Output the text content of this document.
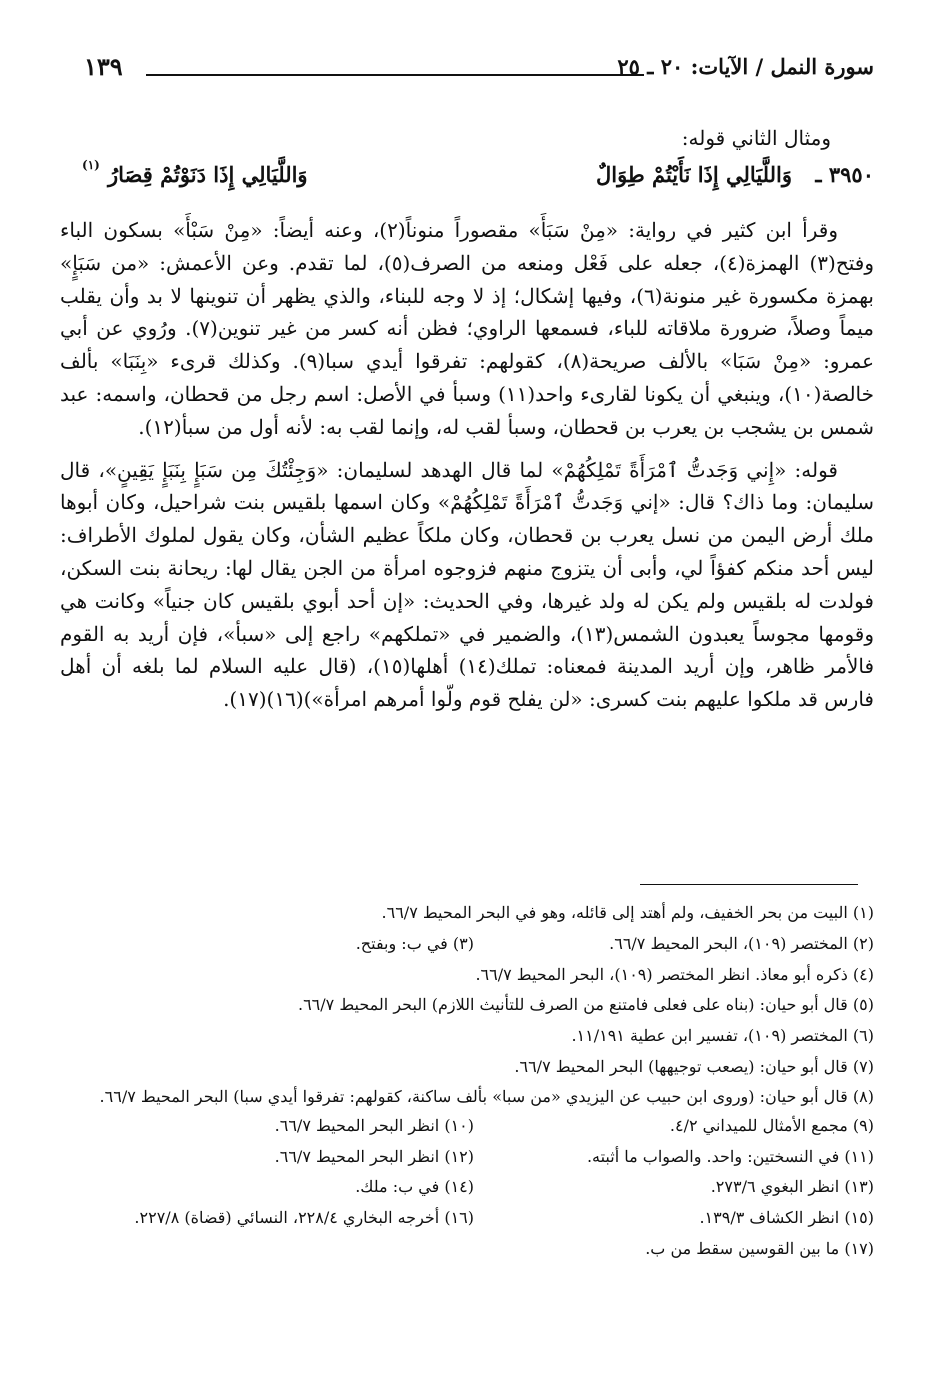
سورة النمل / الآيات: ٢٠ ـ ٢٥
١٣٩
ومثال الثاني قوله:
٣٩٥٠ ـ
وَاللَّيَالِي إِذَا نَأَيْتُمْ طِوَالٌ
وَاللَّيَالِي إِذَا دَنَوْتُمْ قِصَارُ
(١)

وقرأ ابن كثير في رواية: «مِنْ سَبَأَ» مقصوراً منوناً(٢)، وعنه أيضاً: «مِنْ سَبْأَ» بسكون الباء وفتح(٣) الهمزة(٤)، جعله على فَعْل ومنعه من الصرف(٥)، لما تقدم. وعن الأعمش: «من سَبَإٍ» بهمزة مكسورة غير منونة(٦)، وفيها إشكال؛ إذ لا وجه للبناء، والذي يظهر أن تنوينها لا بد وأن يقلب ميماً وصلاً، ضرورة ملاقاته للباء، فسمعها الراوي؛ فظن أنه كسر من غير تنوين(٧). ورُوي عن أبي عمرو: «مِنْ سَبَا» بالألف صريحة(٨)، كقولهم: تفرقوا أيدي سبا(٩). وكذلك قرىء «بِنَبَا» بألف خالصة(١٠)، وينبغي أن يكونا لقارىء واحد(١١) وسبأ في الأصل: اسم رجل من قحطان، واسمه: عبد شمس بن يشجب بن يعرب بن قحطان، وسبأ لقب له، وإنما لقب به: لأنه أول من سبأ(١٢).

قوله: «إِني وَجَدتُّ ٱمْرَأَةً تَمْلِكُهُمْ» لما قال الهدهد لسليمان: «وَجِئْتُكَ مِن سَبَإٍ بِنَبَإٍ يَقِينٍ»، قال سليمان: وما ذاك؟ قال: «إني وَجَدتُّ ٱمْرَأَةً تَمْلِكُهُمْ» وكان اسمها بلقيس بنت شراحيل، وكان أبوها ملك أرض اليمن من نسل يعرب بن قحطان، وكان ملكاً عظيم الشأن، وكان يقول لملوك الأطراف: ليس أحد منكم كفؤاً لي، وأبى أن يتزوج منهم فزوجوه امرأة من الجن يقال لها: ريحانة بنت السكن، فولدت له بلقيس ولم يكن له ولد غيرها، وفي الحديث: «إن أحد أبوي بلقيس كان جنياً» وكانت هي وقومها مجوساً يعبدون الشمس(١٣)، والضمير في «تملكهم» راجع إلى «سبأ»، فإن أريد به القوم فالأمر ظاهر، وإن أريد المدينة فمعناه: تملك(١٤) أهلها(١٥)، (قال عليه السلام لما بلغه أن أهل فارس قد ملكوا عليهم بنت كسرى: «لن يفلح قوم ولّوا أمرهم امرأة»)(١٦)(١٧).

(١) البيت من بحر الخفيف، ولم أهتد إلى قائله، وهو في البحر المحيط ٦٦/٧.
(٢) المختصر (١٠٩)، البحر المحيط ٦٦/٧.
(٣) في ب: وبفتح.
(٤) ذكره أبو معاذ. انظر المختصر (١٠٩)، البحر المحيط ٦٦/٧.
(٥) قال أبو حيان: (بناه على فعلى فامتنع من الصرف للتأنيث اللازم) البحر المحيط ٦٦/٧.
(٦) المختصر (١٠٩)، تفسير ابن عطية ١١/١٩١.
(٧) قال أبو حيان: (يصعب توجيهها) البحر المحيط ٦٦/٧.
(٨) قال أبو حيان: (وروى ابن حبيب عن اليزيدي «من سبا» بألف ساكنة، كقولهم: تفرقوا أيدي سبا) البحر المحيط ٦٦/٧.
(٩) مجمع الأمثال للميداني ٤/٢.
(١٠) انظر البحر المحيط ٦٦/٧.
(١١) في النسختين: واحد. والصواب ما أثبته.
(١٢) انظر البحر المحيط ٦٦/٧.
(١٣) انظر البغوي ٢٧٣/٦.
(١٤) في ب: ملك.
(١٥) انظر الكشاف ١٣٩/٣.
(١٦) أخرجه البخاري ٢٢٨/٤، النسائي (قضاة) ٢٢٧/٨.
(١٧) ما بين القوسين سقط من ب.
